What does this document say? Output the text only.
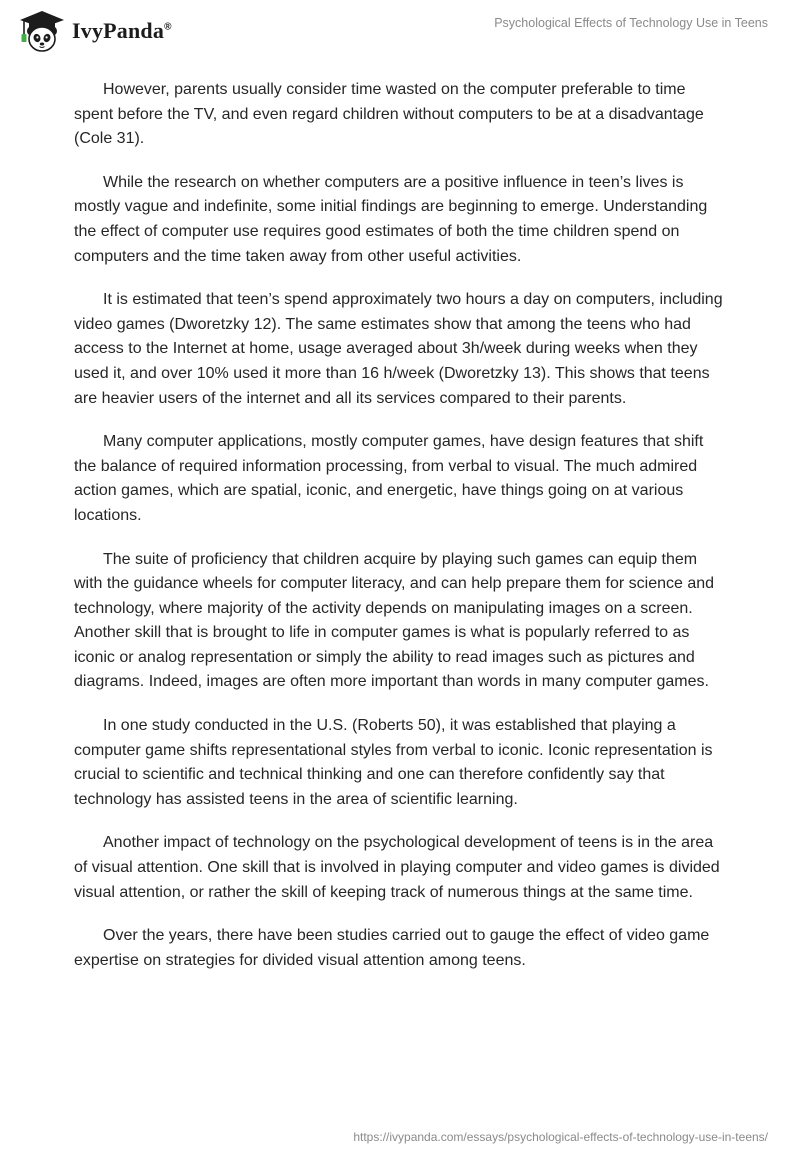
IvyPanda®	Psychological Effects of Technology Use in Teens

However, parents usually consider time wasted on the computer preferable to time spent before the TV, and even regard children without computers to be at a disadvantage (Cole 31).

While the research on whether computers are a positive influence in teen’s lives is mostly vague and indefinite, some initial findings are beginning to emerge. Understanding the effect of computer use requires good estimates of both the time children spend on computers and the time taken away from other useful activities.

It is estimated that teen’s spend approximately two hours a day on computers, including video games (Dworetzky 12). The same estimates show that among the teens who had access to the Internet at home, usage averaged about 3h/week during weeks when they used it, and over 10% used it more than 16 h/week (Dworetzky 13). This shows that teens are heavier users of the internet and all its services compared to their parents.

Many computer applications, mostly computer games, have design features that shift the balance of required information processing, from verbal to visual. The much admired action games, which are spatial, iconic, and energetic, have things going on at various locations.

The suite of proficiency that children acquire by playing such games can equip them with the guidance wheels for computer literacy, and can help prepare them for science and technology, where majority of the activity depends on manipulating images on a screen. Another skill that is brought to life in computer games is what is popularly referred to as iconic or analog representation or simply the ability to read images such as pictures and diagrams. Indeed, images are often more important than words in many computer games.

In one study conducted in the U.S. (Roberts 50), it was established that playing a computer game shifts representational styles from verbal to iconic. Iconic representation is crucial to scientific and technical thinking and one can therefore confidently say that technology has assisted teens in the area of scientific learning.

Another impact of technology on the psychological development of teens is in the area of visual attention. One skill that is involved in playing computer and video games is divided visual attention, or rather the skill of keeping track of numerous things at the same time.

Over the years, there have been studies carried out to gauge the effect of video game expertise on strategies for divided visual attention among teens.

https://ivypanda.com/essays/psychological-effects-of-technology-use-in-teens/
